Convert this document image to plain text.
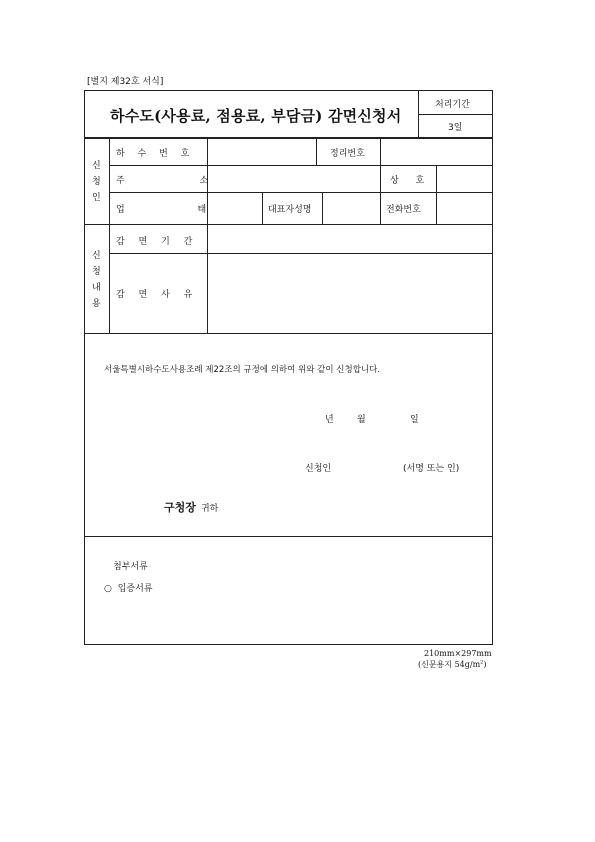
[별지 제32호 서식]
하수도(사용료, 점용료, 부담금) 감면신청서
처리기간
3일
신
청
인
하 수 번 호	정리번호
주 소	상 호
업 태	대표자성명	전화번호
신
청
내
용
감 면 기 간
감 면 사 유
서울특별시하수도사용조례 제22조의 규정에 의하여 위와 같이 신청합니다.
년	월	일
신청인	(서명 또는 인)
구청장 귀하
첨부서류
○ 입증서류
210mm×297mm
(신문용지 $54g/m^2$)
